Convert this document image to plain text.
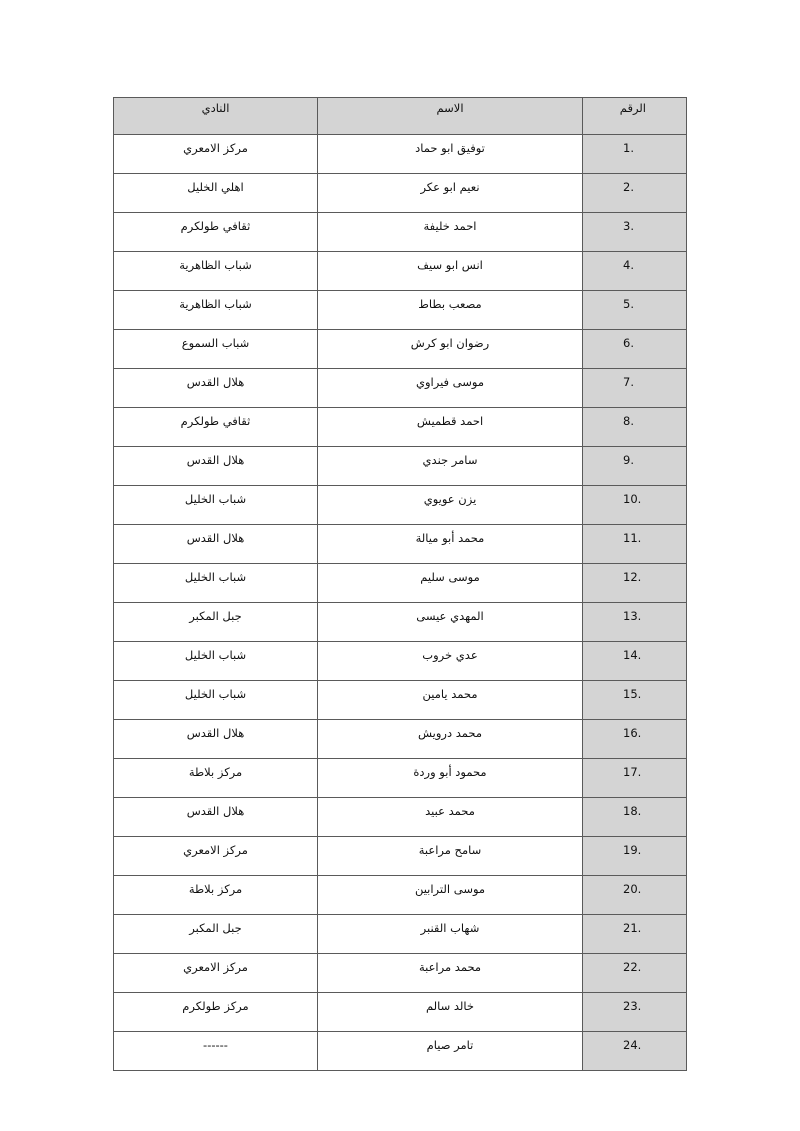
الرقم	الاسم	النادي
1.	توفيق ابو حماد	مركز الامعري
2.	نعيم ابو عكر	اهلي الخليل
3.	احمد خليفة	ثقافي طولكرم
4.	انس ابو سيف	شباب الظاهرية
5.	مصعب بطاط	شباب الظاهرية
6.	رضوان ابو كرش	شباب السموع
7.	موسى فيراوي	هلال القدس
8.	احمد قطميش	ثقافي طولكرم
9.	سامر جندي	هلال القدس
10.	يزن عويوي	شباب الخليل
11.	محمد أبو ميالة	هلال القدس
12.	موسى سليم	شباب الخليل
13.	المهدي عيسى	جبل المكبر
14.	عدي خروب	شباب الخليل
15.	محمد يامين	شباب الخليل
16.	محمد درويش	هلال القدس
17.	محمود أبو وردة	مركز بلاطة
18.	محمد عبيد	هلال القدس
19.	سامح مراعبة	مركز الامعري
20.	موسى الترابين	مركز بلاطة
21.	شهاب القنبر	جبل المكبر
22.	محمد مراعبة	مركز الامعري
23.	خالد سالم	مركز طولكرم
24.	تامر صيام	------
